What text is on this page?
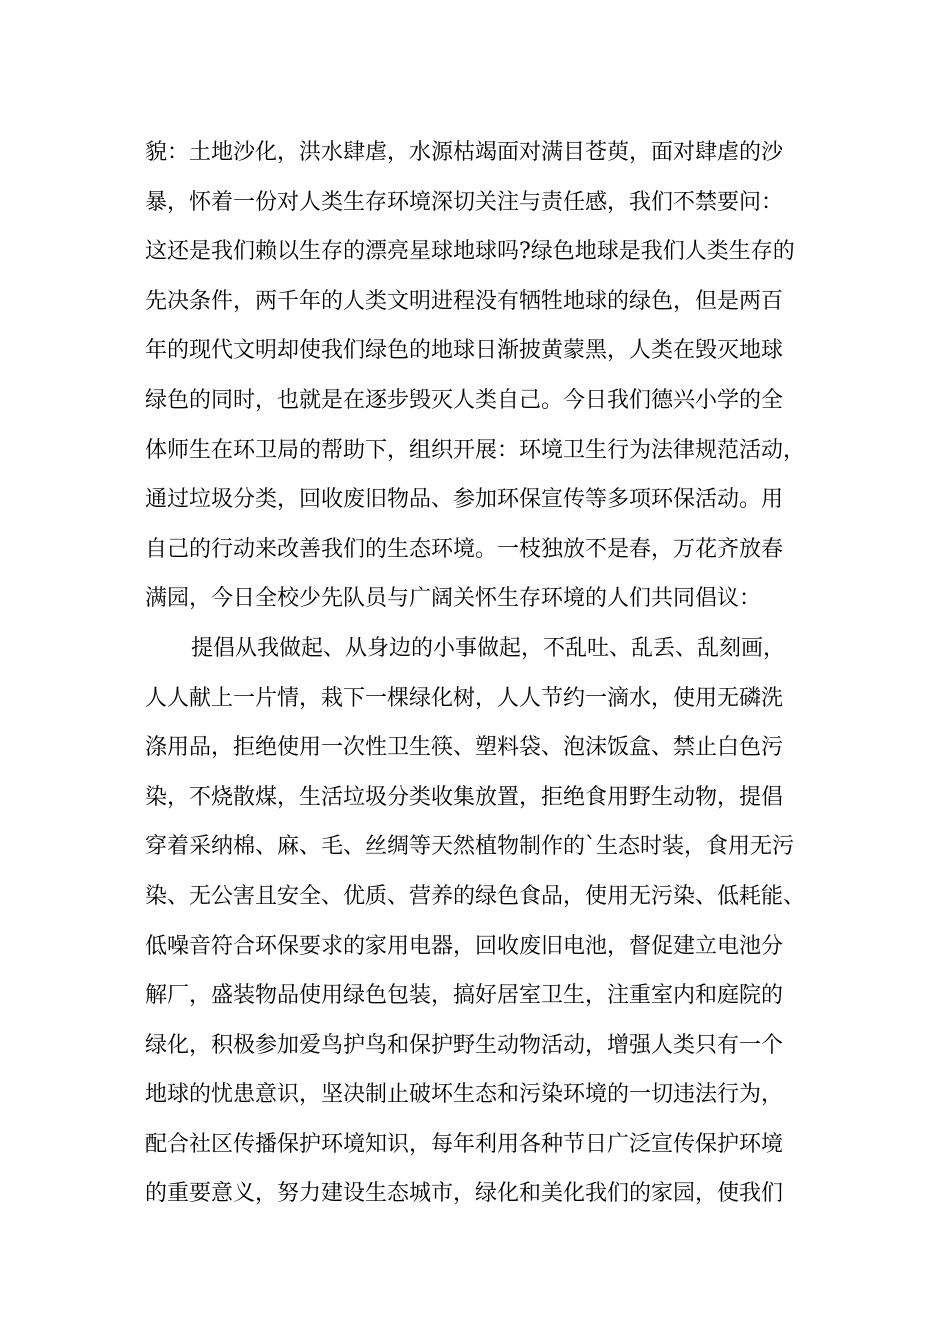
貌：土地沙化，洪水肆虐，水源枯竭面对满目苍萸，面对肆虐的沙
暴，怀着一份对人类生存环境深切关注与责任感，我们不禁要问：
这还是我们赖以生存的漂亮星球地球吗?绿色地球是我们人类生存的
先决条件，两千年的人类文明进程没有牺牲地球的绿色，但是两百
年的现代文明却使我们绿色的地球日渐披黄蒙黑，人类在毁灭地球
绿色的同时，也就是在逐步毁灭人类自己。今日我们德兴小学的全
体师生在环卫局的帮助下，组织开展：环境卫生行为法律规范活动，
通过垃圾分类，回收废旧物品、参加环保宣传等多项环保活动。用
自己的行动来改善我们的生态环境。一枝独放不是春，万花齐放春
满园，今日全校少先队员与广阔关怀生存环境的人们共同倡议：
提倡从我做起、从身边的小事做起，不乱吐、乱丢、乱刻画，
人人献上一片情，栽下一棵绿化树，人人节约一滴水，使用无磷洗
涤用品，拒绝使用一次性卫生筷、塑料袋、泡沫饭盒、禁止白色污
染，不烧散煤，生活垃圾分类收集放置，拒绝食用野生动物，提倡
穿着采纳棉、麻、毛、丝绸等天然植物制作的`生态时装，食用无污
染、无公害且安全、优质、营养的绿色食品，使用无污染、低耗能、
低噪音符合环保要求的家用电器，回收废旧电池，督促建立电池分
解厂，盛装物品使用绿色包装，搞好居室卫生，注重室内和庭院的
绿化，积极参加爱鸟护鸟和保护野生动物活动，增强人类只有一个
地球的忧患意识，坚决制止破坏生态和污染环境的一切违法行为，
配合社区传播保护环境知识，每年利用各种节日广泛宣传保护环境
的重要意义，努力建设生态城市，绿化和美化我们的家园，使我们
